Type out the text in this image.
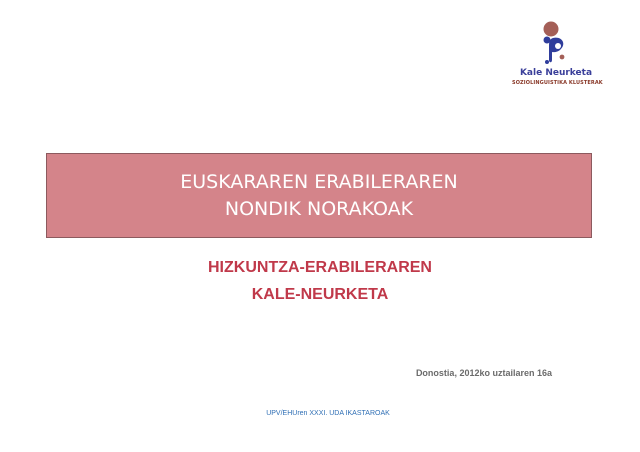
Kale Neurketa
SOZIOLINGUISTIKA KLUSTERAK
EUSKARAREN ERABILERAREN
NONDIK NORAKOAK
HIZKUNTZA-ERABILERAREN
KALE-NEURKETA
Donostia, 2012ko uztailaren 16a
UPV/EHUren XXXI. UDA IKASTAROAK
